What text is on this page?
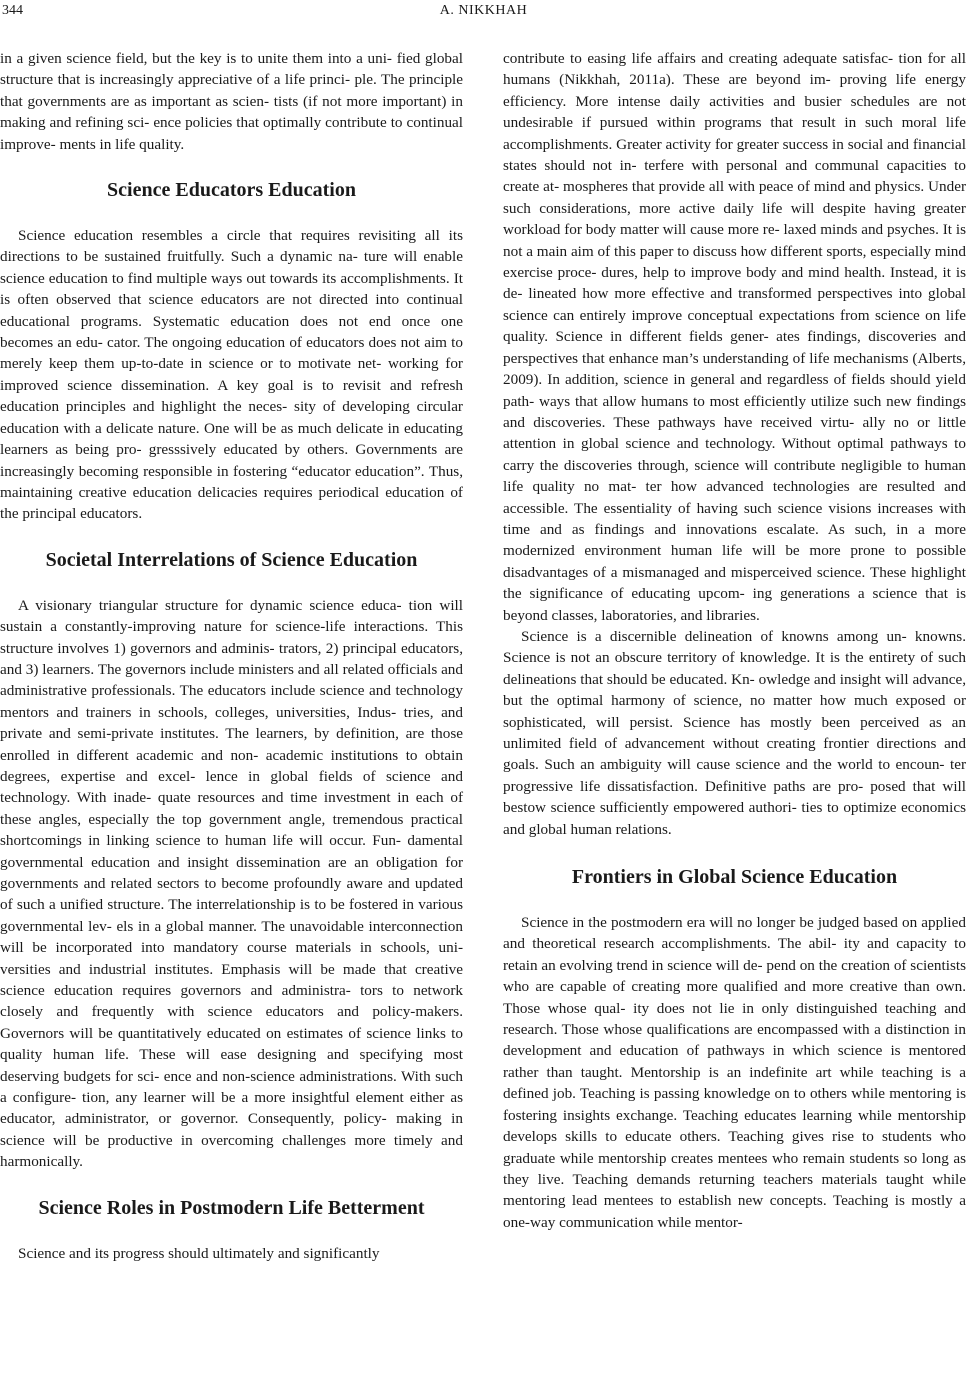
344	A. NIKKHAH

in a given science field, but the key is to unite them into a uni- fied global structure that is increasingly appreciative of a life princi- ple. The principle that governments are as important as scien- tists (if not more important) in making and refining sci- ence policies that optimally contribute to continual improve- ments in life quality.

Science Educators Education

Science education resembles a circle that requires revisiting all its directions to be sustained fruitfully. Such a dynamic na- ture will enable science education to find multiple ways out towards its accomplishments. It is often observed that science educators are not directed into continual educational programs. Systematic education does not end once one becomes an edu- cator. The ongoing education of educators does not aim to merely keep them up-to-date in science or to motivate net- working for improved science dissemination. A key goal is to revisit and refresh education principles and highlight the neces- sity of developing circular education with a delicate nature. One will be as much delicate in educating learners as being pro- gresssively educated by others. Governments are increasingly becoming responsible in fostering “educator education”. Thus, maintaining creative education delicacies requires periodical education of the principal educators.

Societal Interrelations of Science Education

A visionary triangular structure for dynamic science educa- tion will sustain a constantly-improving nature for science-life interactions. This structure involves 1) governors and adminis- trators, 2) principal educators, and 3) learners. The governors include ministers and all related officials and administrative professionals. The educators include science and technology mentors and trainers in schools, colleges, universities, Indus- tries, and private and semi-private institutes. The learners, by definition, are those enrolled in different academic and non- academic institutions to obtain degrees, expertise and excel- lence in global fields of science and technology. With inade- quate resources and time investment in each of these angles, especially the top government angle, tremendous practical shortcomings in linking science to human life will occur. Fun- damental governmental education and insight dissemination are an obligation for governments and related sectors to become profoundly aware and updated of such a unified structure. The interrelationship is to be fostered in various governmental lev- els in a global manner. The unavoidable interconnection will be incorporated into mandatory course materials in schools, uni- versities and industrial institutes. Emphasis will be made that creative science education requires governors and administra- tors to network closely and frequently with science educators and policy-makers. Governors will be quantitatively educated on estimates of science links to quality human life. These will ease designing and specifying most deserving budgets for sci- ence and non-science administrations. With such a configure- tion, any learner will be a more insightful element either as educator, administrator, or governor. Consequently, policy- making in science will be productive in overcoming challenges more timely and harmonically.

Science Roles in Postmodern Life Betterment

Science and its progress should ultimately and significantly

contribute to easing life affairs and creating adequate satisfac- tion for all humans (Nikkhah, 2011a). These are beyond im- proving life energy efficiency. More intense daily activities and busier schedules are not undesirable if pursued within programs that result in such moral life accomplishments. Greater activity for greater success in social and financial states should not in- terfere with personal and communal capacities to create at- mospheres that provide all with peace of mind and physics. Under such considerations, more active daily life will despite having greater workload for body matter will cause more re- laxed minds and psyches. It is not a main aim of this paper to discuss how different sports, especially mind exercise proce- dures, help to improve body and mind health. Instead, it is de- lineated how more effective and transformed perspectives into global science can entirely improve conceptual expectations from science on life quality. Science in different fields gener- ates findings, discoveries and perspectives that enhance man’s understanding of life mechanisms (Alberts, 2009). In addition, science in general and regardless of fields should yield path- ways that allow humans to most efficiently utilize such new findings and discoveries. These pathways have received virtu- ally no or little attention in global science and technology. Without optimal pathways to carry the discoveries through, science will contribute negligible to human life quality no mat- ter how advanced technologies are resulted and accessible. The essentiality of having such science visions increases with time and as findings and innovations escalate. As such, in a more modernized environment human life will be more prone to possible disadvantages of a mismanaged and misperceived science. These highlight the significance of educating upcom- ing generations a science that is beyond classes, laboratories, and libraries.

Science is a discernible delineation of knowns among un- knowns. Science is not an obscure territory of knowledge. It is the entirety of such delineations that should be educated. Kn- owledge and insight will advance, but the optimal harmony of science, no matter how much exposed or sophisticated, will persist. Science has mostly been perceived as an unlimited field of advancement without creating frontier directions and goals. Such an ambiguity will cause science and the world to encoun- ter progressive life dissatisfaction. Definitive paths are pro- posed that will bestow science sufficiently empowered authori- ties to optimize economics and global human relations.

Frontiers in Global Science Education

Science in the postmodern era will no longer be judged based on applied and theoretical research accomplishments. The abil- ity and capacity to retain an evolving trend in science will de- pend on the creation of scientists who are capable of creating more qualified and more creative than own. Those whose qual- ity does not lie in only distinguished teaching and research. Those whose qualifications are encompassed with a distinction in development and education of pathways in which science is mentored rather than taught. Mentorship is an indefinite art while teaching is a defined job. Teaching is passing knowledge on to others while mentoring is fostering insights exchange. Teaching educates learning while mentorship develops skills to educate others. Teaching gives rise to students who graduate while mentorship creates mentees who remain students so long as they live. Teaching demands returning teachers materials taught while mentoring lead mentees to establish new concepts. Teaching is mostly a one-way communication while mentor-
